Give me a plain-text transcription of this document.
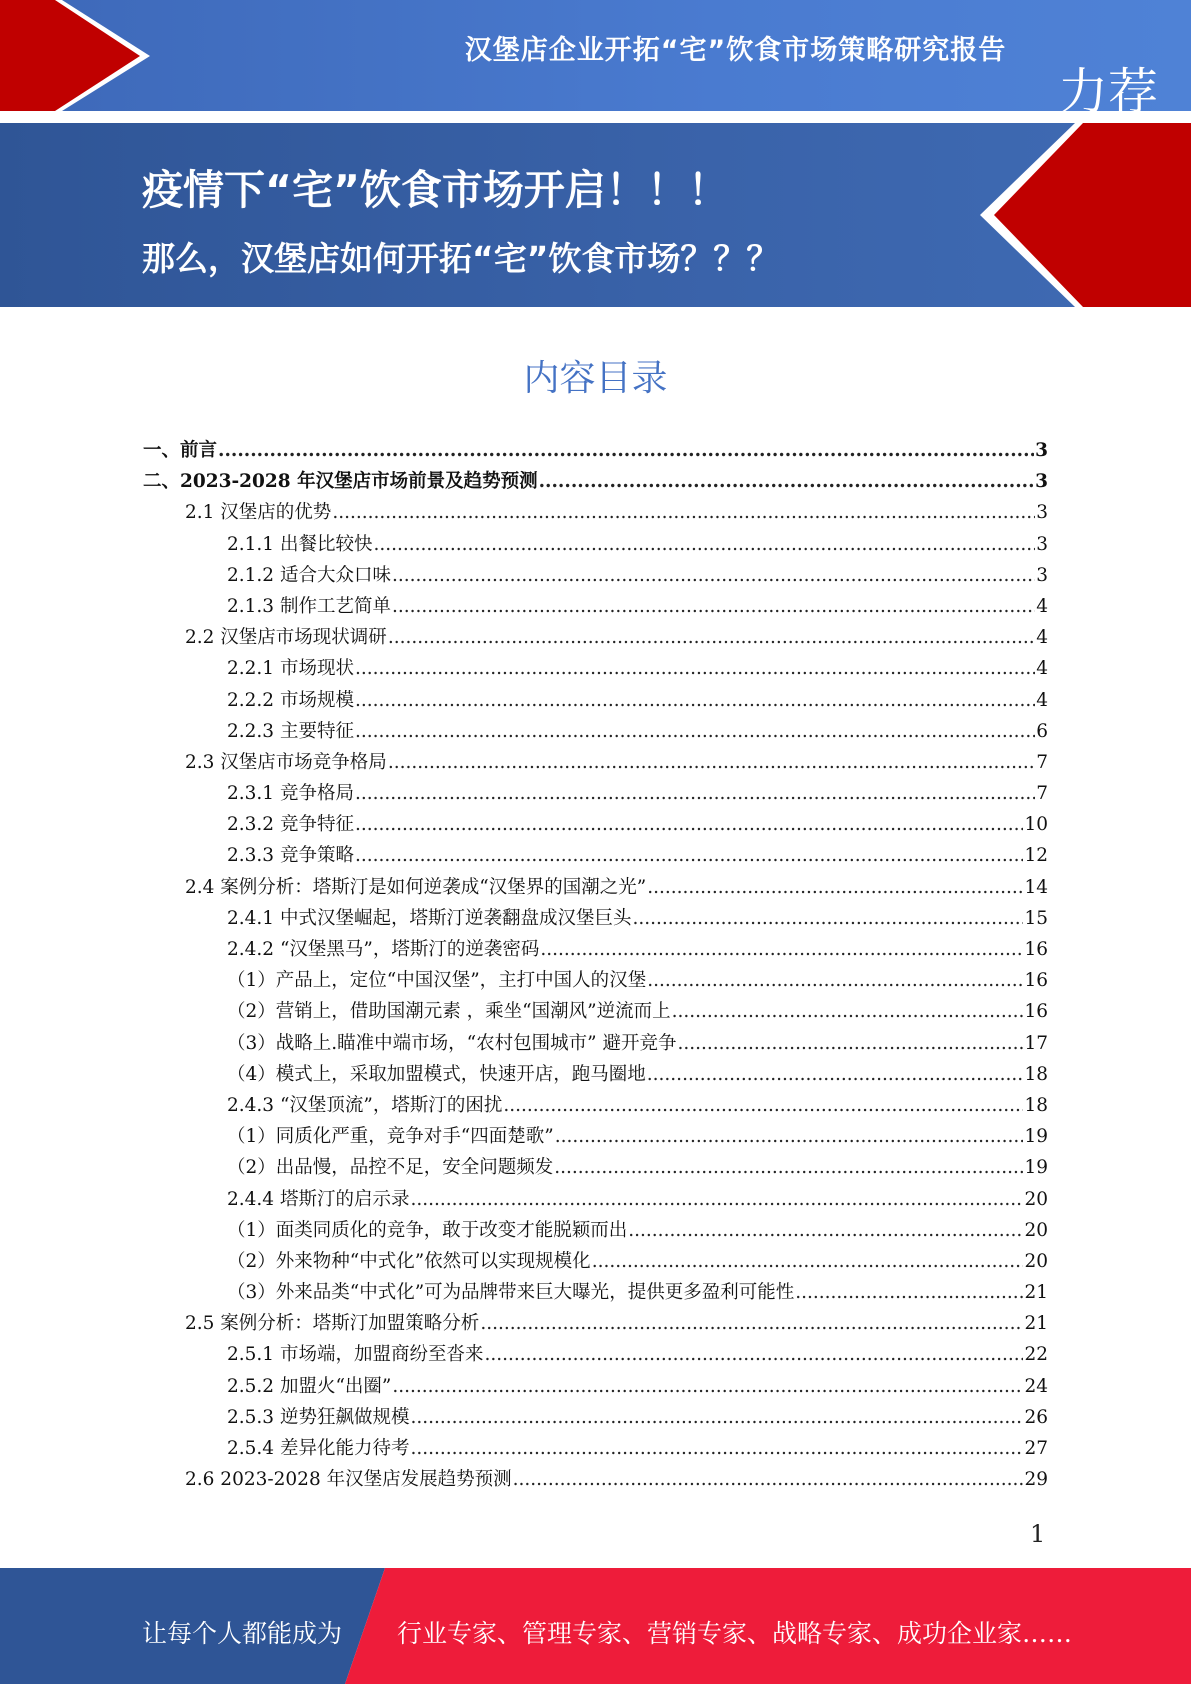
汉堡店企业开拓“宅”饮食市场策略研究报告
疫情下“宅”饮食市场开启！！！
那么，汉堡店如何开拓“宅”饮食市场？？？
力荐
内容目录
一、前言 .....	3
二、2023-2028 年汉堡店市场前景及趋势预测 .....	3
2.1 汉堡店的优势 .....	3
2.1.1 出餐比较快 .....	3
2.1.2 适合大众口味 .....	3
2.1.3 制作工艺简单 .....	4
2.2 汉堡店市场现状调研 .....	4
2.2.1 市场现状 .....	4
2.2.2 市场规模 .....	4
2.2.3 主要特征 .....	6
2.3 汉堡店市场竞争格局 .....	7
2.3.1 竞争格局 .....	7
2.3.2 竞争特征 .....	10
2.3.3 竞争策略 .....	12
2.4 案例分析：塔斯汀是如何逆袭成“汉堡界的国潮之光” .....	14
2.4.1 中式汉堡崛起，塔斯汀逆袭翻盘成汉堡巨头 .....	15
2.4.2 “汉堡黑马”，塔斯汀的逆袭密码 .....	16
（1）产品上，定位“中国汉堡”，主打中国人的汉堡 .....	16
（2）营销上，借助国潮元素 ，乘坐“国潮风”逆流而上 .....	16
（3）战略上.瞄准中端市场，“农村包围城市” 避开竞争 .....	17
（4）模式上，采取加盟模式，快速开店，跑马圈地 .....	18
2.4.3 “汉堡顶流”，塔斯汀的困扰 .....	18
（1）同质化严重，竞争对手“四面楚歌” .....	19
（2）出品慢，品控不足，安全问题频发 .....	19
2.4.4 塔斯汀的启示录 .....	20
（1）面类同质化的竞争，敢于改变才能脱颖而出 .....	20
（2）外来物种“中式化”依然可以实现规模化 .....	20
（3）外来品类“中式化”可为品牌带来巨大曝光，提供更多盈利可能性 .....	21
2.5 案例分析：塔斯汀加盟策略分析 .....	21
2.5.1 市场端，加盟商纷至沓来 .....	22
2.5.2 加盟火“出圈” .....	24
2.5.3 逆势狂飙做规模 .....	26
2.5.4 差异化能力待考 .....	27
2.6 2023-2028 年汉堡店发展趋势预测 .....	29
1
让每个人都能成为 行业专家、管理专家、营销专家、战略专家、成功企业家……
